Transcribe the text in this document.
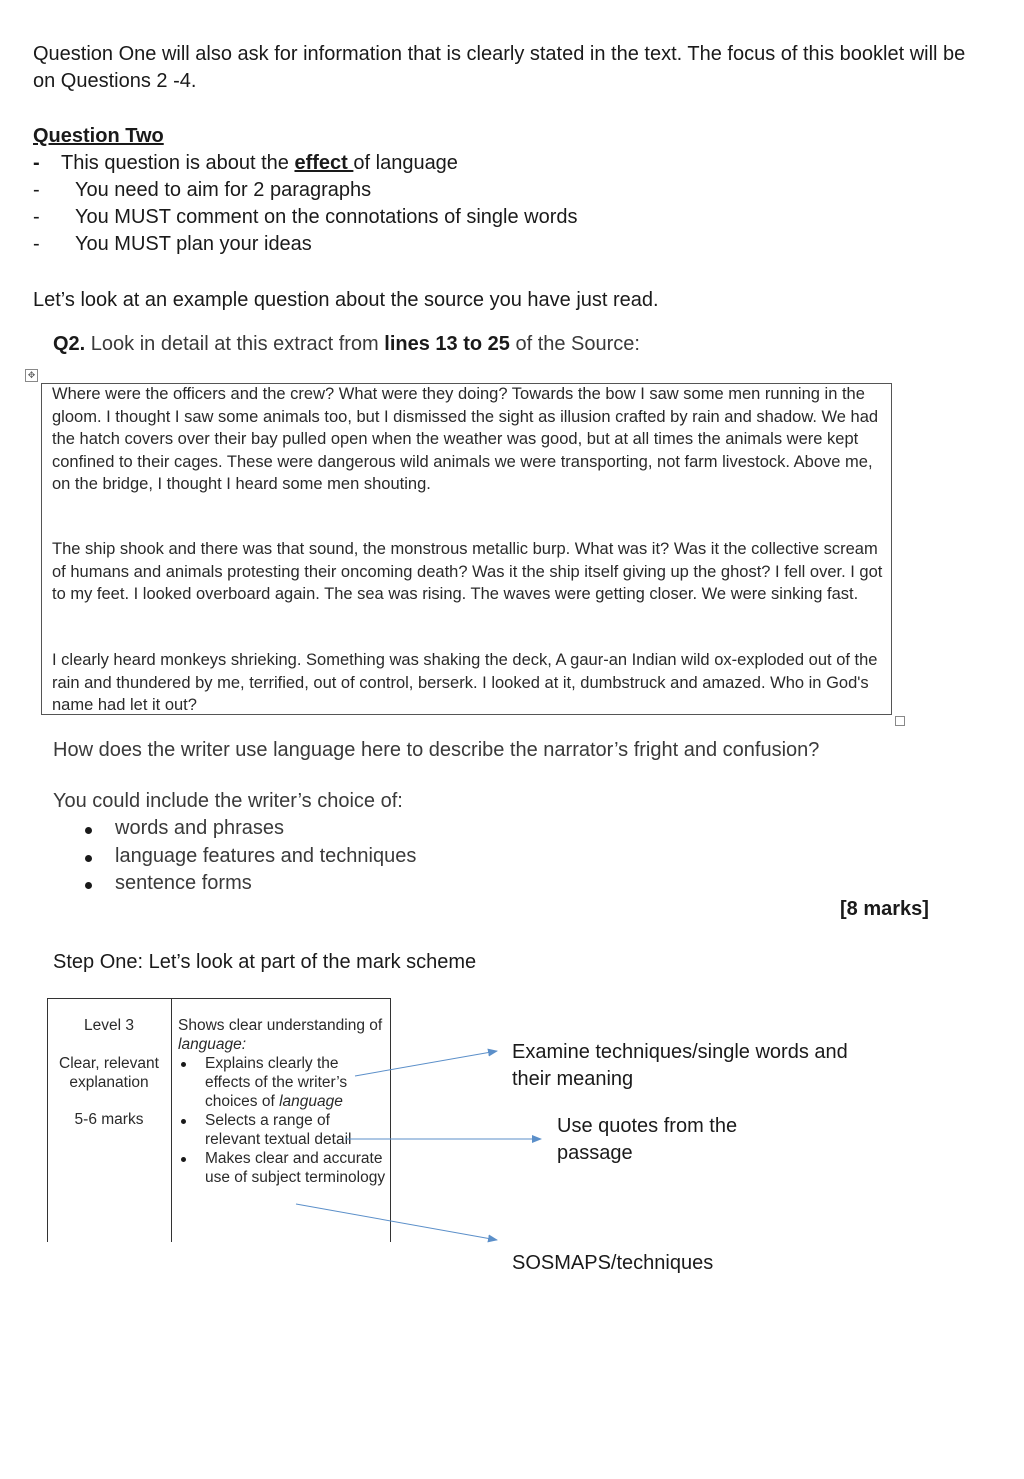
Question One will also ask for information that is clearly stated in the text. The focus of this booklet will be on Questions 2 -4.
Question Two
- This question is about the effect of language
- You need to aim for 2 paragraphs
- You MUST comment on the connotations of single words
- You MUST plan your ideas
Let’s look at an example question about the source you have just read.
Q2. Look in detail at this extract from lines 13 to 25 of the Source:
✥
Where were the officers and the crew? What were they doing? Towards the bow I saw some men running in the gloom. I thought I saw some animals too, but I dismissed the sight as illusion crafted by rain and shadow. We had the hatch covers over their bay pulled open when the weather was good, but at all times the animals were kept confined to their cages. These were dangerous wild animals we were transporting, not farm livestock. Above me, on the bridge, I thought I heard some men shouting.
The ship shook and there was that sound, the monstrous metallic burp. What was it? Was it the collective scream of humans and animals protesting their oncoming death? Was it the ship itself giving up the ghost? I fell over. I got to my feet. I looked overboard again. The sea was rising. The waves were getting closer. We were sinking fast.
I clearly heard monkeys shrieking. Something was shaking the deck, A gaur-an Indian wild ox-exploded out of the rain and thundered by me, terrified, out of control, berserk. I looked at it, dumbstruck and amazed. Who in God's name had let it out?
How does the writer use language here to describe the narrator’s fright and confusion?
You could include the writer’s choice of:
words and phrases
language features and techniques
sentence forms
[8 marks]
Step One: Let’s look at part of the mark scheme
Level 3
Clear, relevant explanation
5-6 marks
Shows clear understanding of language:
Explains clearly the effects of the writer’s choices of language
Selects a range of relevant textual detail
Makes clear and accurate use of subject terminology
Examine techniques/single words and their meaning
Use quotes from the passage
SOSMAPS/techniques
